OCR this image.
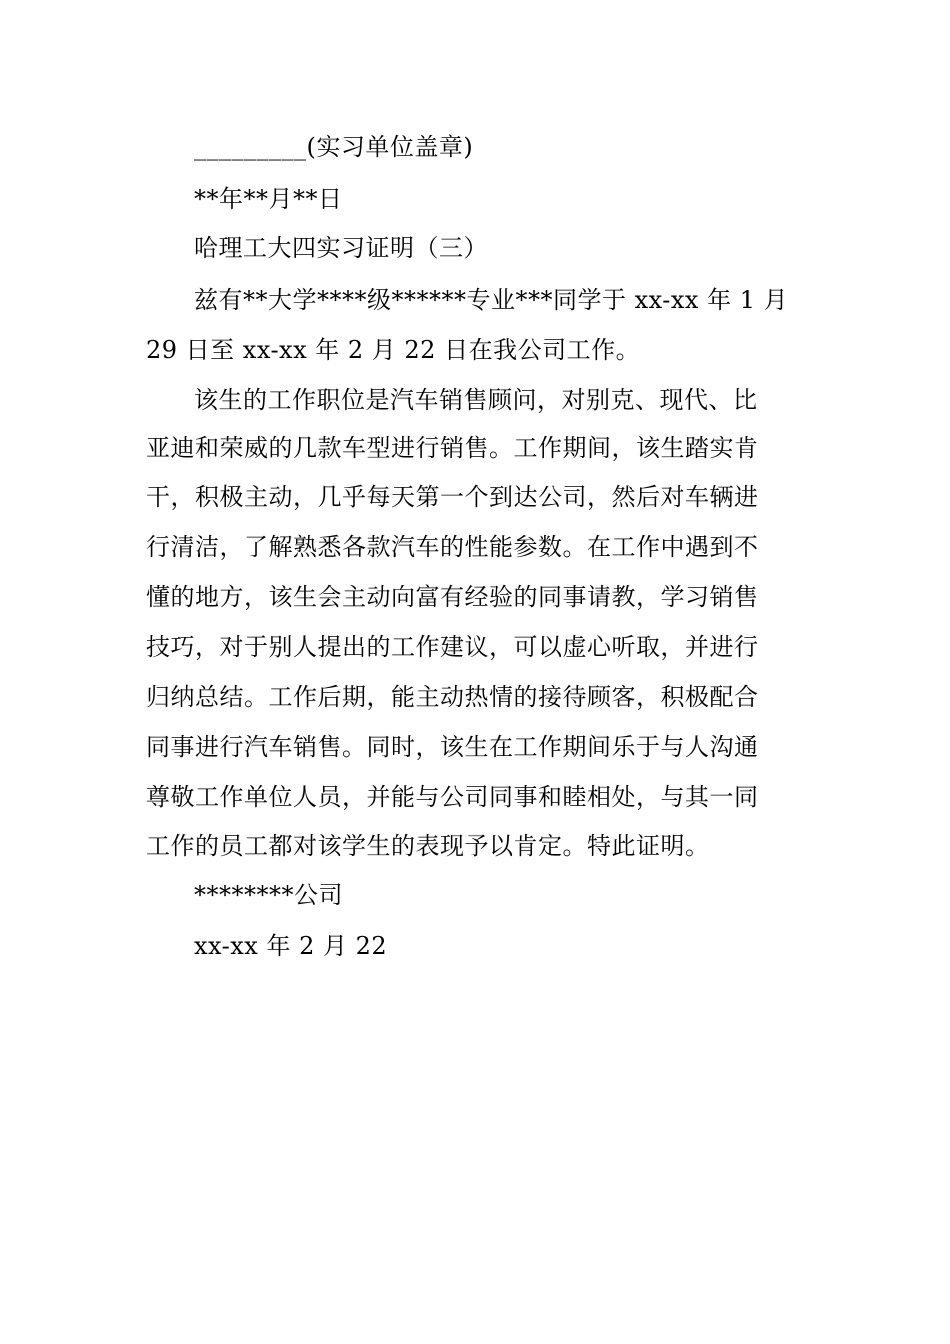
_________(实习单位盖章)
**年**月**日
哈理工大四实习证明（三）
兹有**大学****级******专业***同学于 xx-xx 年 1 月
29 日至 xx-xx 年 2 月 22 日在我公司工作。
该生的工作职位是汽车销售顾问，对别克、现代、比
亚迪和荣威的几款车型进行销售。工作期间，该生踏实肯
干，积极主动，几乎每天第一个到达公司，然后对车辆进
行清洁，了解熟悉各款汽车的性能参数。在工作中遇到不
懂的地方，该生会主动向富有经验的同事请教，学习销售
技巧，对于别人提出的工作建议，可以虚心听取，并进行
归纳总结。工作后期，能主动热情的接待顾客，积极配合
同事进行汽车销售。同时，该生在工作期间乐于与人沟通
尊敬工作单位人员，并能与公司同事和睦相处，与其一同
工作的员工都对该学生的表现予以肯定。特此证明。
********公司
xx-xx 年 2 月 22
